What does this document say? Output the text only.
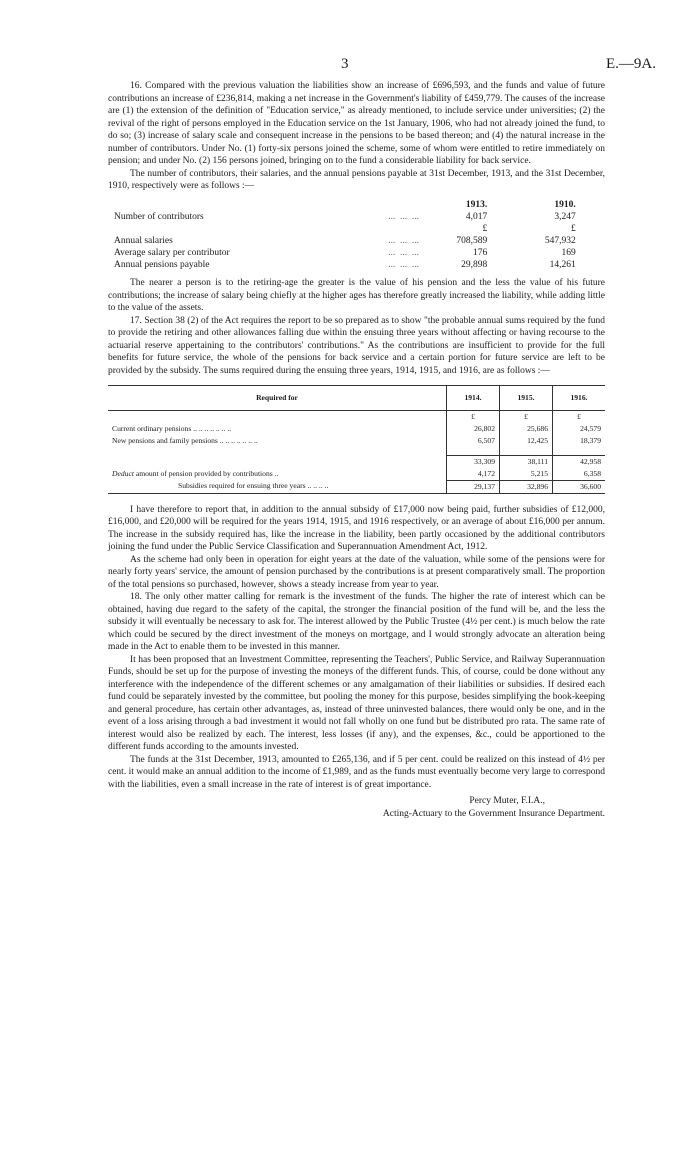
3	E.—9A.

16. Compared with the previous valuation the liabilities show an increase of £696,593, and the funds and value of future contributions an increase of £236,814, making a net increase in the Government's liability of £459,779. The causes of the increase are (1) the extension of the definition of "Education service," as already mentioned, to include service under universities; (2) the revival of the right of persons employed in the Education service on the 1st January, 1906, who had not already joined the fund, to do so; (3) increase of salary scale and consequent increase in the pensions to be based thereon; and (4) the natural increase in the number of contributors. Under No. (1) forty-six persons joined the scheme, some of whom were entitled to retire immediately on pension; and under No. (2) 156 persons joined, bringing on to the fund a considerable liability for back service.

The number of contributors, their salaries, and the annual pensions payable at 31st December, 1913, and the 31st December, 1910, respectively were as follows :—

		1913.		1910.	
Number of contributors	...  ...  ...	4,017		3,247	
		£		£	
Annual salaries	...  ...  ...	708,589		547,932	
Average salary per contributor	...  ...  ...	176		169	
Annual pensions payable	...  ...  ...	29,898		14,261	

The nearer a person is to the retiring-age the greater is the value of his pension and the less the value of his future contributions; the increase of salary being chiefly at the higher ages has therefore greatly increased the liability, while adding little to the value of the assets.

17. Section 38 (2) of the Act requires the report to be so prepared as to show "the probable annual sums required by the fund to provide the retiring and other allowances falling due within the ensuing three years without affecting or having recourse to the actuarial reserve appertaining to the contributors' contributions." As the contributions are insufficient to provide for the full benefits for future service, the whole of the pensions for back service and a certain portion for future service are left to be provided by the subsidy. The sums required during the ensuing three years, 1914, 1915, and 1916, are as follows :—

Required for	1914.	1915.	1916.
	£	£	£
Current ordinary pensions .. .. .. .. .. .. ..	26,802	25,686	24,579
New pensions and family pensions .. .. .. .. .. .. ..	6,507	12,425	18,379

	33,309	38,111	42,958
Deduct amount of pension provided by contributions ..	4,172	5,215	6,358
Subsidies required for ensuing three years .. .. .. ..	29,137	32,896	36,600

I have therefore to report that, in addition to the annual subsidy of £17,000 now being paid, further subsidies of £12,000, £16,000, and £20,000 will be required for the years 1914, 1915, and 1916 respectively, or an average of about £16,000 per annum. The increase in the subsidy required has, like the increase in the liability, been partly occasioned by the additional contributors joining the fund under the Public Service Classification and Superannuation Amendment Act, 1912.

As the scheme had only been in operation for eight years at the date of the valuation, while some of the pensions were for nearly forty years' service, the amount of pension purchased by the contributions is at present comparatively small. The proportion of the total pensions so purchased, however, shows a steady increase from year to year.

18. The only other matter calling for remark is the investment of the funds. The higher the rate of interest which can be obtained, having due regard to the safety of the capital, the stronger the financial position of the fund will be, and the less the subsidy it will eventually be necessary to ask for. The interest allowed by the Public Trustee (4½ per cent.) is much below the rate which could be secured by the direct investment of the moneys on mortgage, and I would strongly advocate an alteration being made in the Act to enable them to be invested in this manner.

It has been proposed that an Investment Committee, representing the Teachers', Public Service, and Railway Superannuation Funds, should be set up for the purpose of investing the moneys of the different funds. This, of course, could be done without any interference with the independence of the different schemes or any amalgamation of their liabilities or subsidies. If desired each fund could be separately invested by the committee, but pooling the money for this purpose, besides simplifying the book-keeping and general procedure, has certain other advantages, as, instead of three uninvested balances, there would only be one, and in the event of a loss arising through a bad investment it would not fall wholly on one fund but be distributed pro rata. The same rate of interest would also be realized by each. The interest, less losses (if any), and the expenses, &c., could be apportioned to the different funds according to the amounts invested.

The funds at the 31st December, 1913, amounted to £265,136, and if 5 per cent. could be realized on this instead of 4½ per cent. it would make an annual addition to the income of £1,989, and as the funds must eventually become very large to correspond with the liabilities, even a small increase in the rate of interest is of great importance.

Percy Muter, F.I.A.,
Acting-Actuary to the Government Insurance Department.
